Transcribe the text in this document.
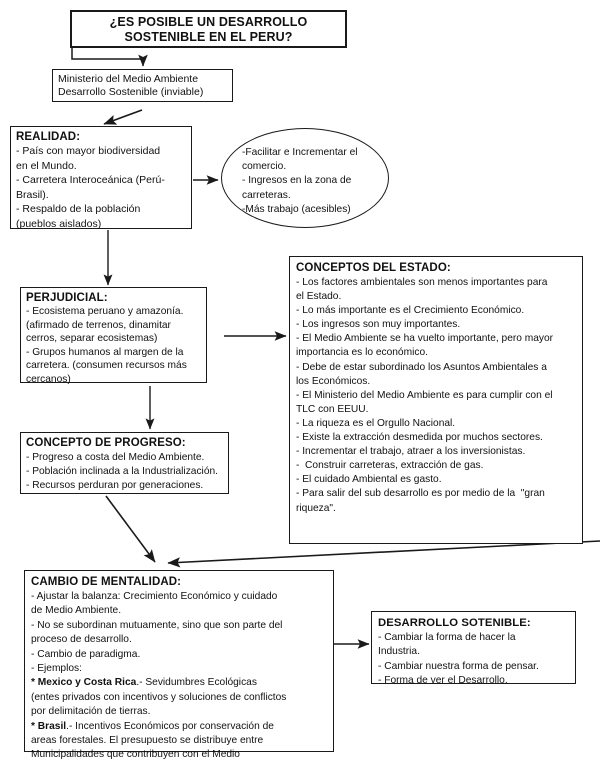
¿ES POSIBLE UN DESARROLLO
SOSTENIBLE EN EL PERU?
Ministerio del Medio Ambiente
Desarrollo Sostenible (inviable)
REALIDAD:
- País con mayor biodiversidad
en el Mundo.
- Carretera Interoceánica (Perú-
Brasil).
- Respaldo de la población
(pueblos aislados)
-Facilitar e Incrementar el
comercio.
- Ingresos en la zona de
carreteras.
-Más trabajo (acesibles)
PERJUDICIAL:
- Ecosistema peruano y amazonía.
(afirmado de terrenos, dinamitar
cerros, separar ecosistemas)
- Grupos humanos al margen de la
carretera. (consumen recursos más
cercanos)
CONCEPTOS DEL ESTADO:
- Los factores ambientales son menos importantes para
el Estado.
- Lo más importante es el Crecimiento Económico.
- Los ingresos son muy importantes.
- El Medio Ambiente se ha vuelto importante, pero mayor
importancia es lo económico.
- Debe de estar subordinado los Asuntos Ambientales a
los Económicos.
- El Ministerio del Medio Ambiente es para cumplir con el
TLC con EEUU.
- La riqueza es el Orgullo Nacional.
- Existe la extracción desmedida por muchos sectores.
- Incrementar el trabajo, atraer a los inversionistas.
-  Construir carreteras, extracción de gas.
- El cuidado Ambiental es gasto.
- Para salir del sub desarrollo es por medio de la  "gran
riqueza".
CONCEPTO DE PROGRESO:
- Progreso a costa del Medio Ambiente.
- Población inclinada a la Industrialización.
- Recursos perduran por generaciones.
CAMBIO DE MENTALIDAD:
- Ajustar la balanza: Crecimiento Económico y cuidado
de Medio Ambiente.
- No se subordinan mutuamente, sino que son parte del
proceso de desarrollo.
- Cambio de paradigma.
- Ejemplos:
* Mexico y Costa Rica.- Sevidumbres Ecológicas
(entes privados con incentivos y soluciones de conflictos
por delimitación de tierras.
* Brasil.- Incentivos Económicos por conservación de
areas forestales. El presupuesto se distribuye entre
Municipalidades que contribuyen con el Medio
DESARROLLO SOTENIBLE:
- Cambiar la forma de hacer la
Industria.
- Cambiar nuestra forma de pensar.
- Forma de ver el Desarrollo.
